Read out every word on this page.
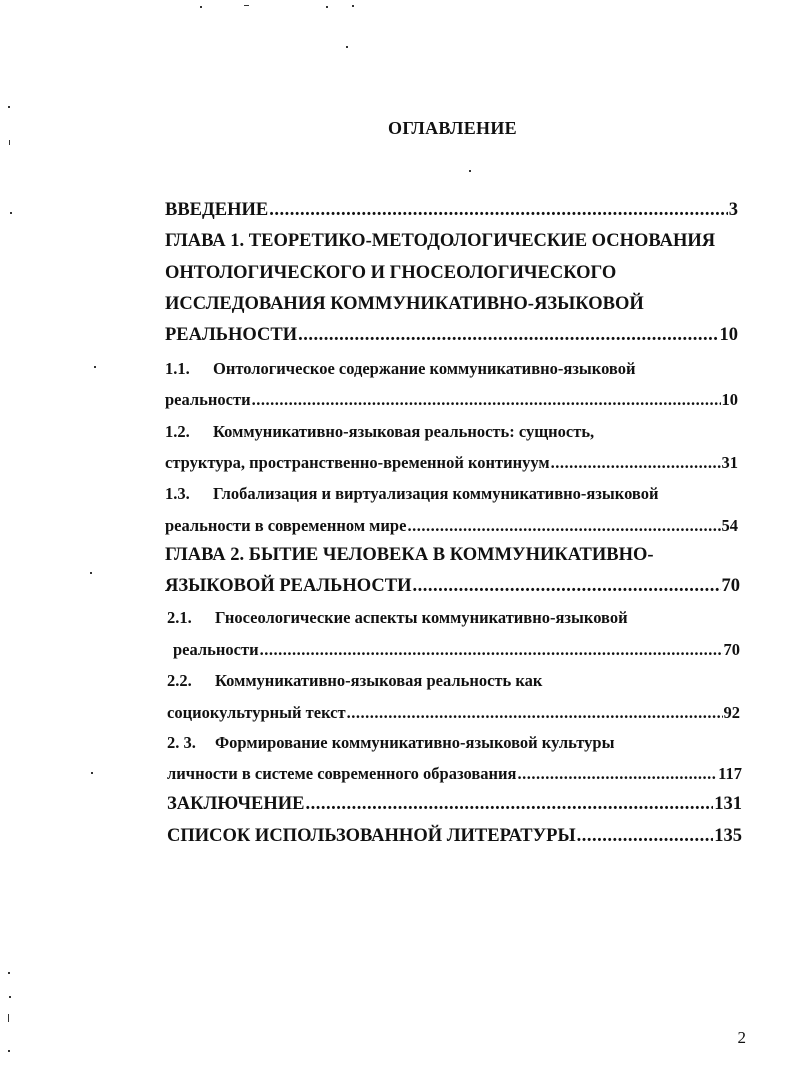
ОГЛАВЛЕНИЕ
ВВЕДЕНИЕ .....	3
ГЛАВА 1. ТЕОРЕТИКО-МЕТОДОЛОГИЧЕСКИЕ ОСНОВАНИЯ
ОНТОЛОГИЧЕСКОГО И ГНОСЕОЛОГИЧЕСКОГО
ИССЛЕДОВАНИЯ КОММУНИКАТИВНО-ЯЗЫКОВОЙ
РЕАЛЬНОСТИ .....	10
1.1. Онтологическое содержание коммуникативно-языковой
реальности .....	10
1.2. Коммуникативно-языковая реальность: сущность,
структура, пространственно-временной континуум .....	31
1.3. Глобализация и виртуализация коммуникативно-языковой
реальности в современном мире .....	54
ГЛАВА 2. БЫТИЕ ЧЕЛОВЕКА В КОММУНИКАТИВНО-
ЯЗЫКОВОЙ РЕАЛЬНОСТИ .....	70
2.1. Гносеологические аспекты коммуникативно-языковой
реальности .....	70
2.2. Коммуникативно-языковая реальность как
социокультурный текст .....	92
2. 3. Формирование коммуникативно-языковой культуры
личности в системе современного образования .....	117
ЗАКЛЮЧЕНИЕ .....	131
СПИСОК ИСПОЛЬЗОВАННОЙ ЛИТЕРАТУРЫ .....	135
2
